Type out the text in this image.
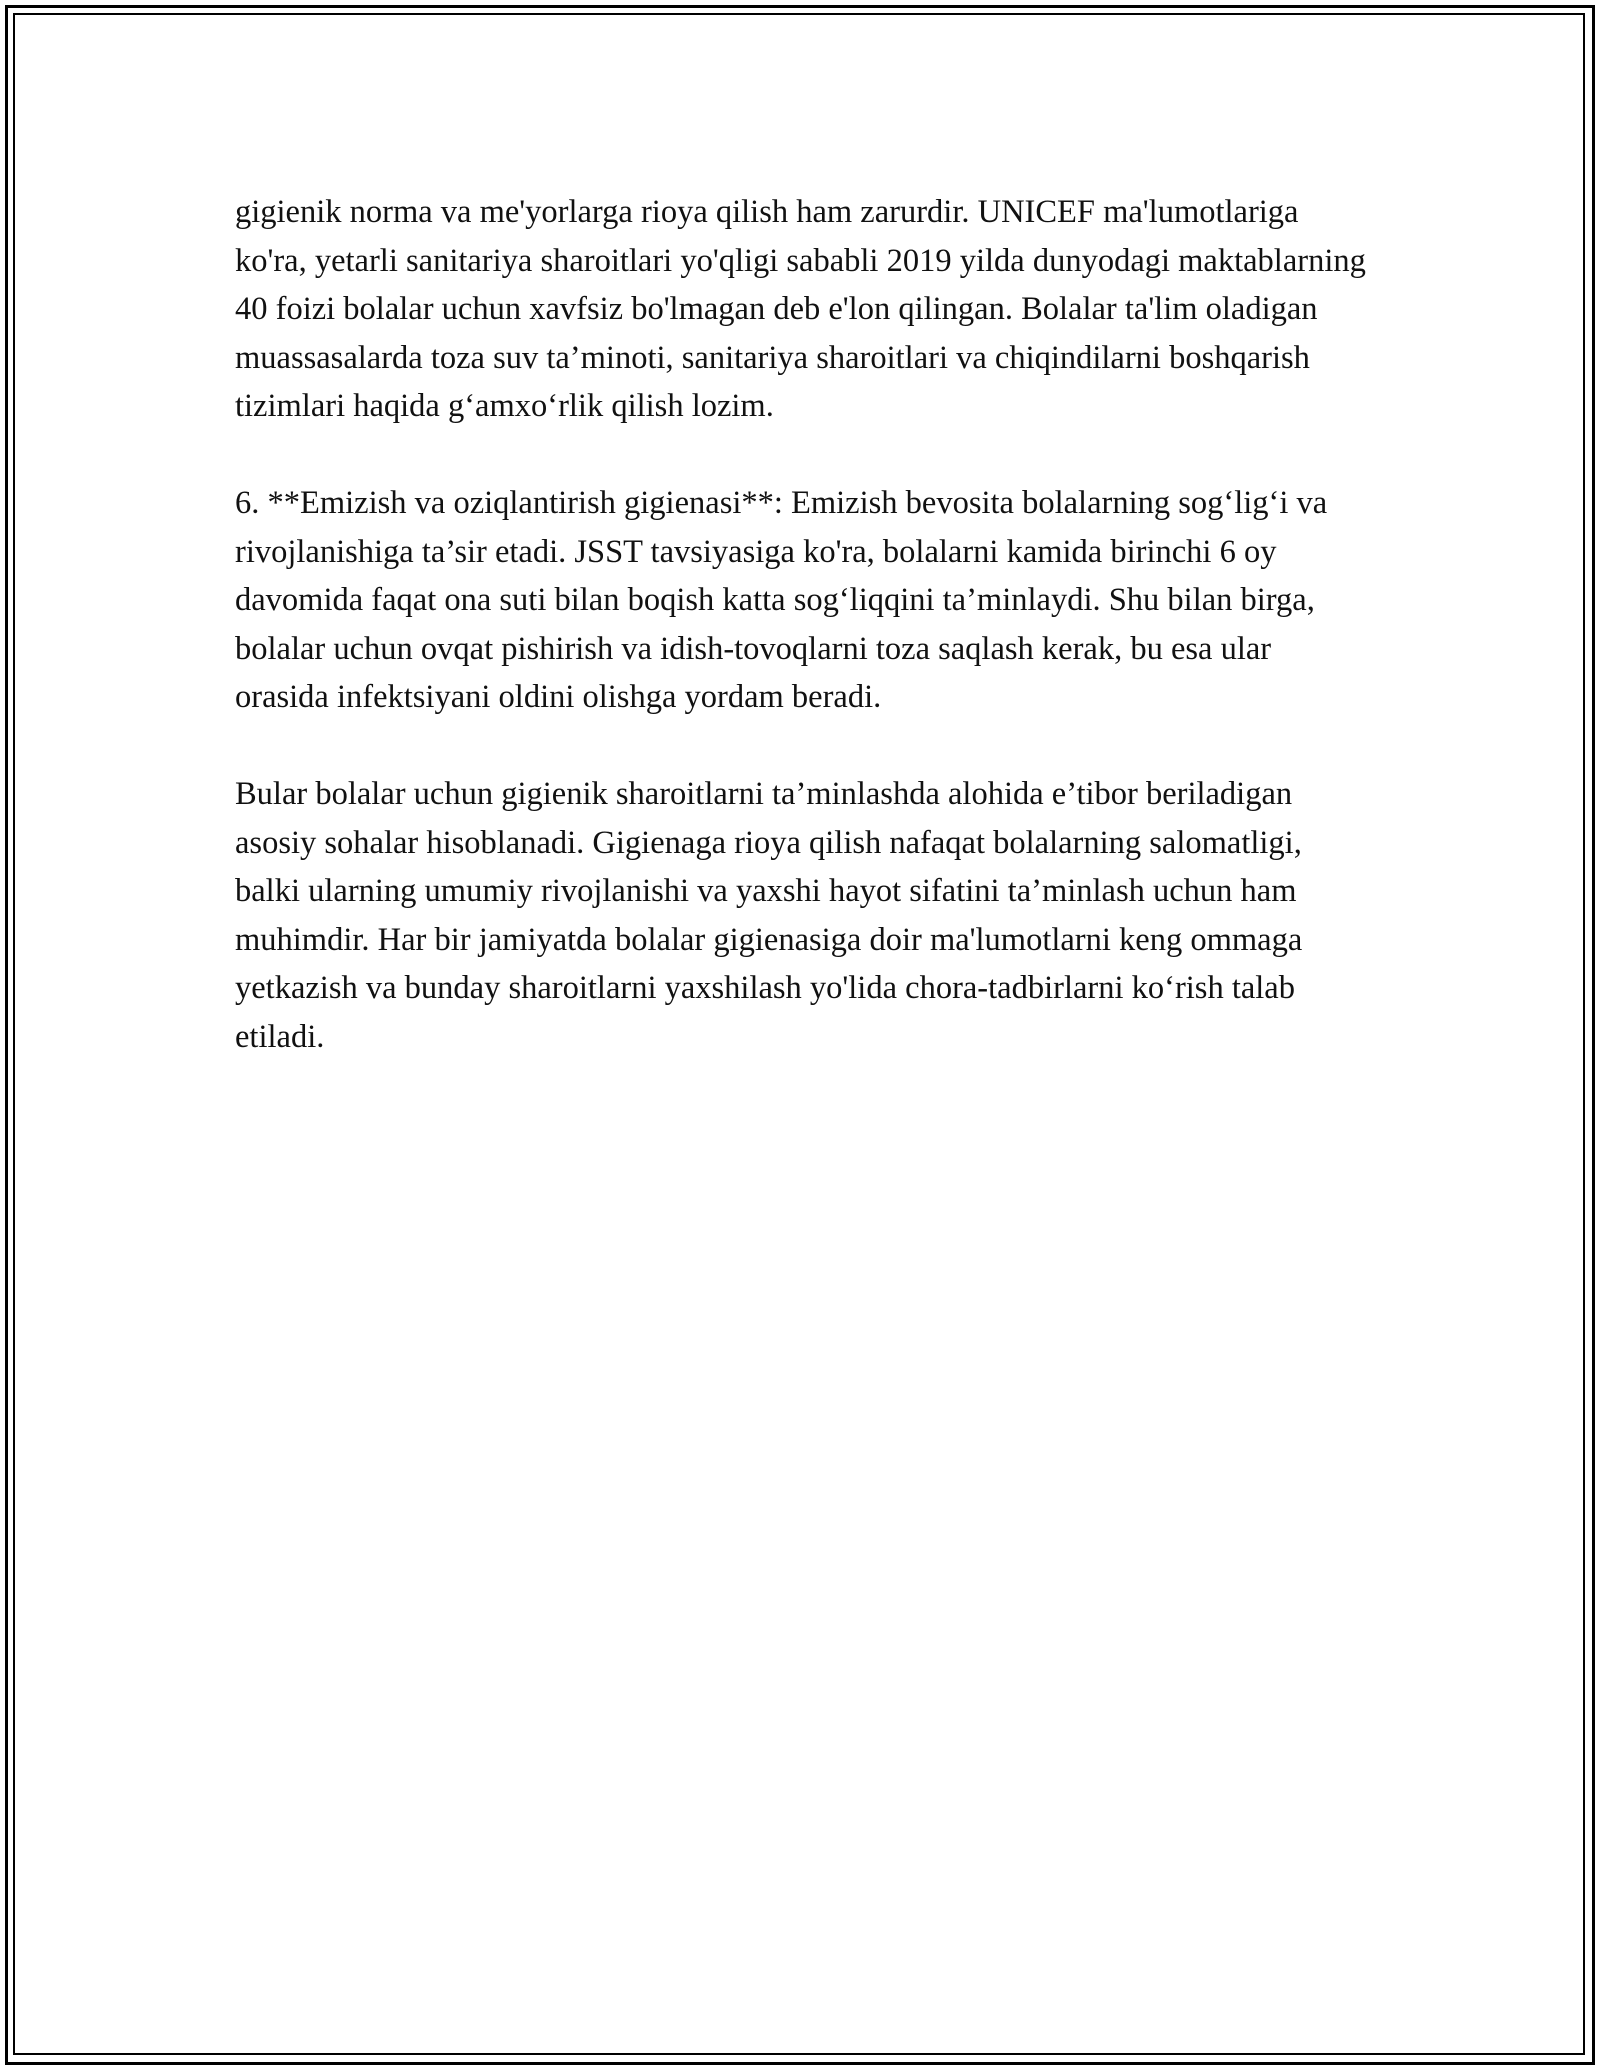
gigienik norma va me'yorlarga rioya qilish ham zarurdir. UNICEF ma'lumotlariga ko'ra, yetarli sanitariya sharoitlari yo'qligi sababli 2019 yilda dunyodagi maktablarning 40 foizi bolalar uchun xavfsiz bo'lmagan deb e'lon qilingan. Bolalar ta'lim oladigan muassasalarda toza suv ta’minoti, sanitariya sharoitlari va chiqindilarni boshqarish tizimlari haqida g‘amxo‘rlik qilish lozim.

6. **Emizish va oziqlantirish gigienasi**: Emizish bevosita bolalarning sog‘lig‘i va rivojlanishiga ta’sir etadi. JSST tavsiyasiga ko'ra, bolalarni kamida birinchi 6 oy davomida faqat ona suti bilan boqish katta sog‘liqqini ta’minlaydi. Shu bilan birga, bolalar uchun ovqat pishirish va idish-tovoqlarni toza saqlash kerak, bu esa ular orasida infektsiyani oldini olishga yordam beradi.

Bular bolalar uchun gigienik sharoitlarni ta’minlashda alohida e’tibor beriladigan asosiy sohalar hisoblanadi. Gigienaga rioya qilish nafaqat bolalarning salomatligi, balki ularning umumiy rivojlanishi va yaxshi hayot sifatini ta’minlash uchun ham muhimdir. Har bir jamiyatda bolalar gigienasiga doir ma'lumotlarni keng ommaga yetkazish va bunday sharoitlarni yaxshilash yo'lida chora-tadbirlarni ko‘rish talab etiladi.
